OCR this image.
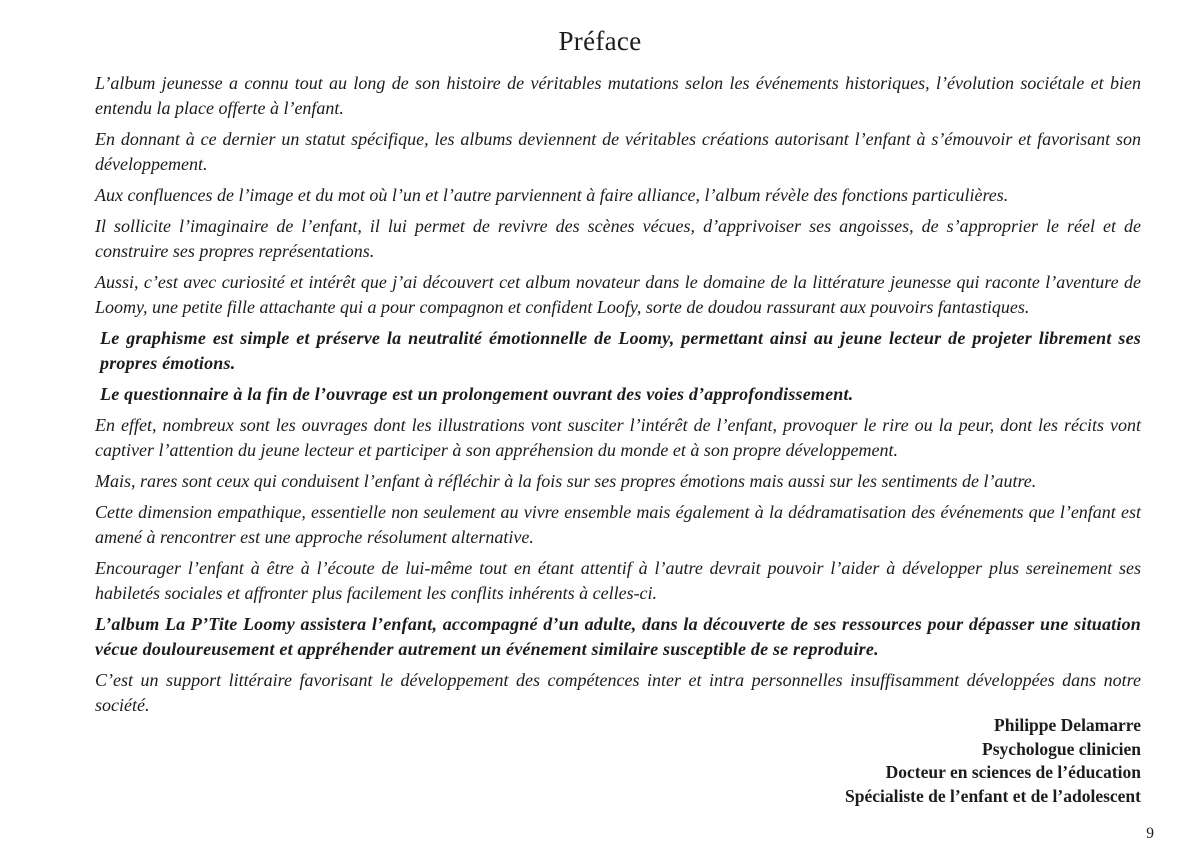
Préface

L’album jeunesse a connu tout au long de son histoire de véritables mutations selon les événements historiques, l’évolution sociétale et bien entendu la place offerte à l’enfant.

En donnant à ce dernier un statut spécifique, les albums deviennent de véritables créations autorisant l’enfant à s’émouvoir et favorisant son développement.

Aux confluences de l’image et du mot où l’un et l’autre parviennent à faire alliance, l’album révèle des fonctions particulières.

Il sollicite l’imaginaire de l’enfant, il lui permet de revivre des scènes vécues, d’apprivoiser ses angoisses, de s’approprier le réel et de construire ses propres représentations.

Aussi, c’est avec curiosité et intérêt que j’ai découvert cet album novateur dans le domaine de la littérature jeunesse qui raconte l’aventure de Loomy, une petite fille attachante qui a pour compagnon et confident Loofy, sorte de doudou rassurant aux pouvoirs fantastiques.

Le graphisme est simple et préserve la neutralité émotionnelle de Loomy, permettant ainsi au jeune lecteur de projeter librement ses propres émotions.

Le questionnaire à la fin de l’ouvrage est un prolongement ouvrant des voies d’approfondissement.

En effet, nombreux sont les ouvrages dont les illustrations vont susciter l’intérêt de l’enfant, provoquer le rire ou la peur, dont les récits vont captiver l’attention du jeune lecteur et participer à son appréhension du monde et à son propre développement.

Mais, rares sont ceux qui conduisent l’enfant à réfléchir à la fois sur ses propres émotions mais aussi sur les sentiments de l’autre.

Cette dimension empathique, essentielle non seulement au vivre ensemble mais également à la dédramatisation des événements que l’enfant est amené à rencontrer est une approche résolument alternative.

Encourager l’enfant à être à l’écoute de lui-même tout en étant attentif à l’autre devrait pouvoir l’aider à développer plus sereinement ses habiletés sociales et affronter plus facilement les conflits inhérents à celles-ci.

L’album La P’Tite Loomy assistera l’enfant, accompagné d’un adulte, dans la découverte de ses ressources pour dépasser une situation vécue douloureusement et appréhender autrement un événement similaire susceptible de se reproduire.

C’est un support littéraire favorisant le développement des compétences inter et intra personnelles insuffisamment développées dans notre société.

Philippe Delamarre
Psychologue clinicien
Docteur en sciences de l’éducation
Spécialiste de l’enfant et de l’adolescent
9
